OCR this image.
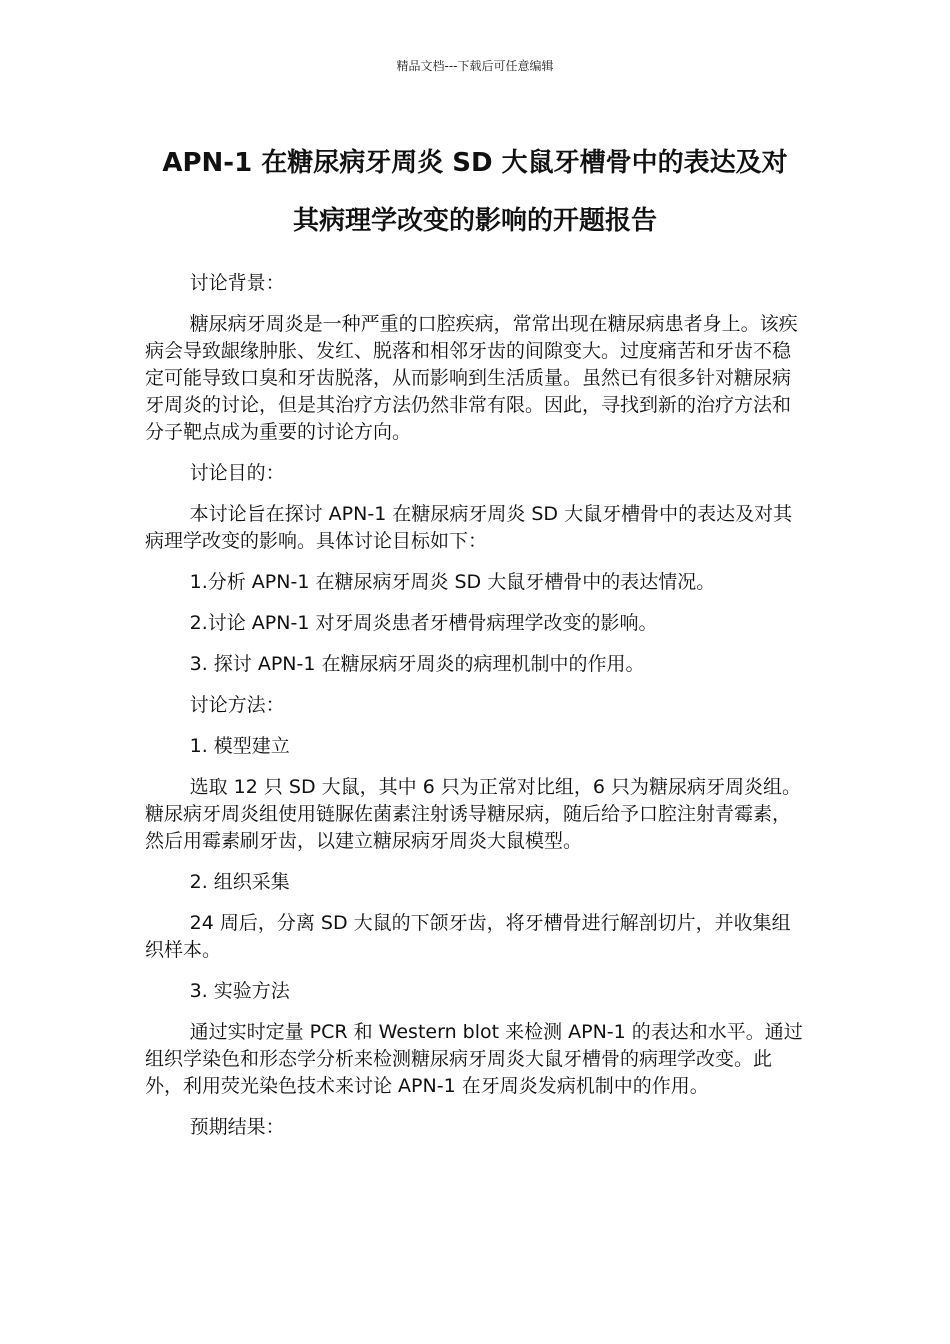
精品文档---下载后可任意编辑
APN-1 在糖尿病牙周炎 SD 大鼠牙槽骨中的表达及对
其病理学改变的影响的开题报告

讨论背景：

糖尿病牙周炎是一种严重的口腔疾病，常常出现在糖尿病患者身上。该疾病会导致龈缘肿胀、发红、脱落和相邻牙齿的间隙变大。过度痛苦和牙齿不稳定可能导致口臭和牙齿脱落，从而影响到生活质量。虽然已有很多针对糖尿病牙周炎的讨论，但是其治疗方法仍然非常有限。因此，寻找到新的治疗方法和分子靶点成为重要的讨论方向。

讨论目的：

本讨论旨在探讨 APN-1 在糖尿病牙周炎 SD 大鼠牙槽骨中的表达及对其病理学改变的影响。具体讨论目标如下：

1.分析 APN-1 在糖尿病牙周炎 SD 大鼠牙槽骨中的表达情况。

2.讨论 APN-1 对牙周炎患者牙槽骨病理学改变的影响。

3. 探讨 APN-1 在糖尿病牙周炎的病理机制中的作用。

讨论方法：

1. 模型建立

选取 12 只 SD 大鼠，其中 6 只为正常对比组，6 只为糖尿病牙周炎组。糖尿病牙周炎组使用链脲佐菌素注射诱导糖尿病，随后给予口腔注射青霉素，然后用霉素刷牙齿，以建立糖尿病牙周炎大鼠模型。

2. 组织采集

24 周后，分离 SD 大鼠的下颌牙齿，将牙槽骨进行解剖切片，并收集组织样本。

3. 实验方法

通过实时定量 PCR 和 Western blot 来检测 APN-1 的表达和水平。通过组织学染色和形态学分析来检测糖尿病牙周炎大鼠牙槽骨的病理学改变。此外，利用荧光染色技术来讨论 APN-1 在牙周炎发病机制中的作用。

预期结果：
